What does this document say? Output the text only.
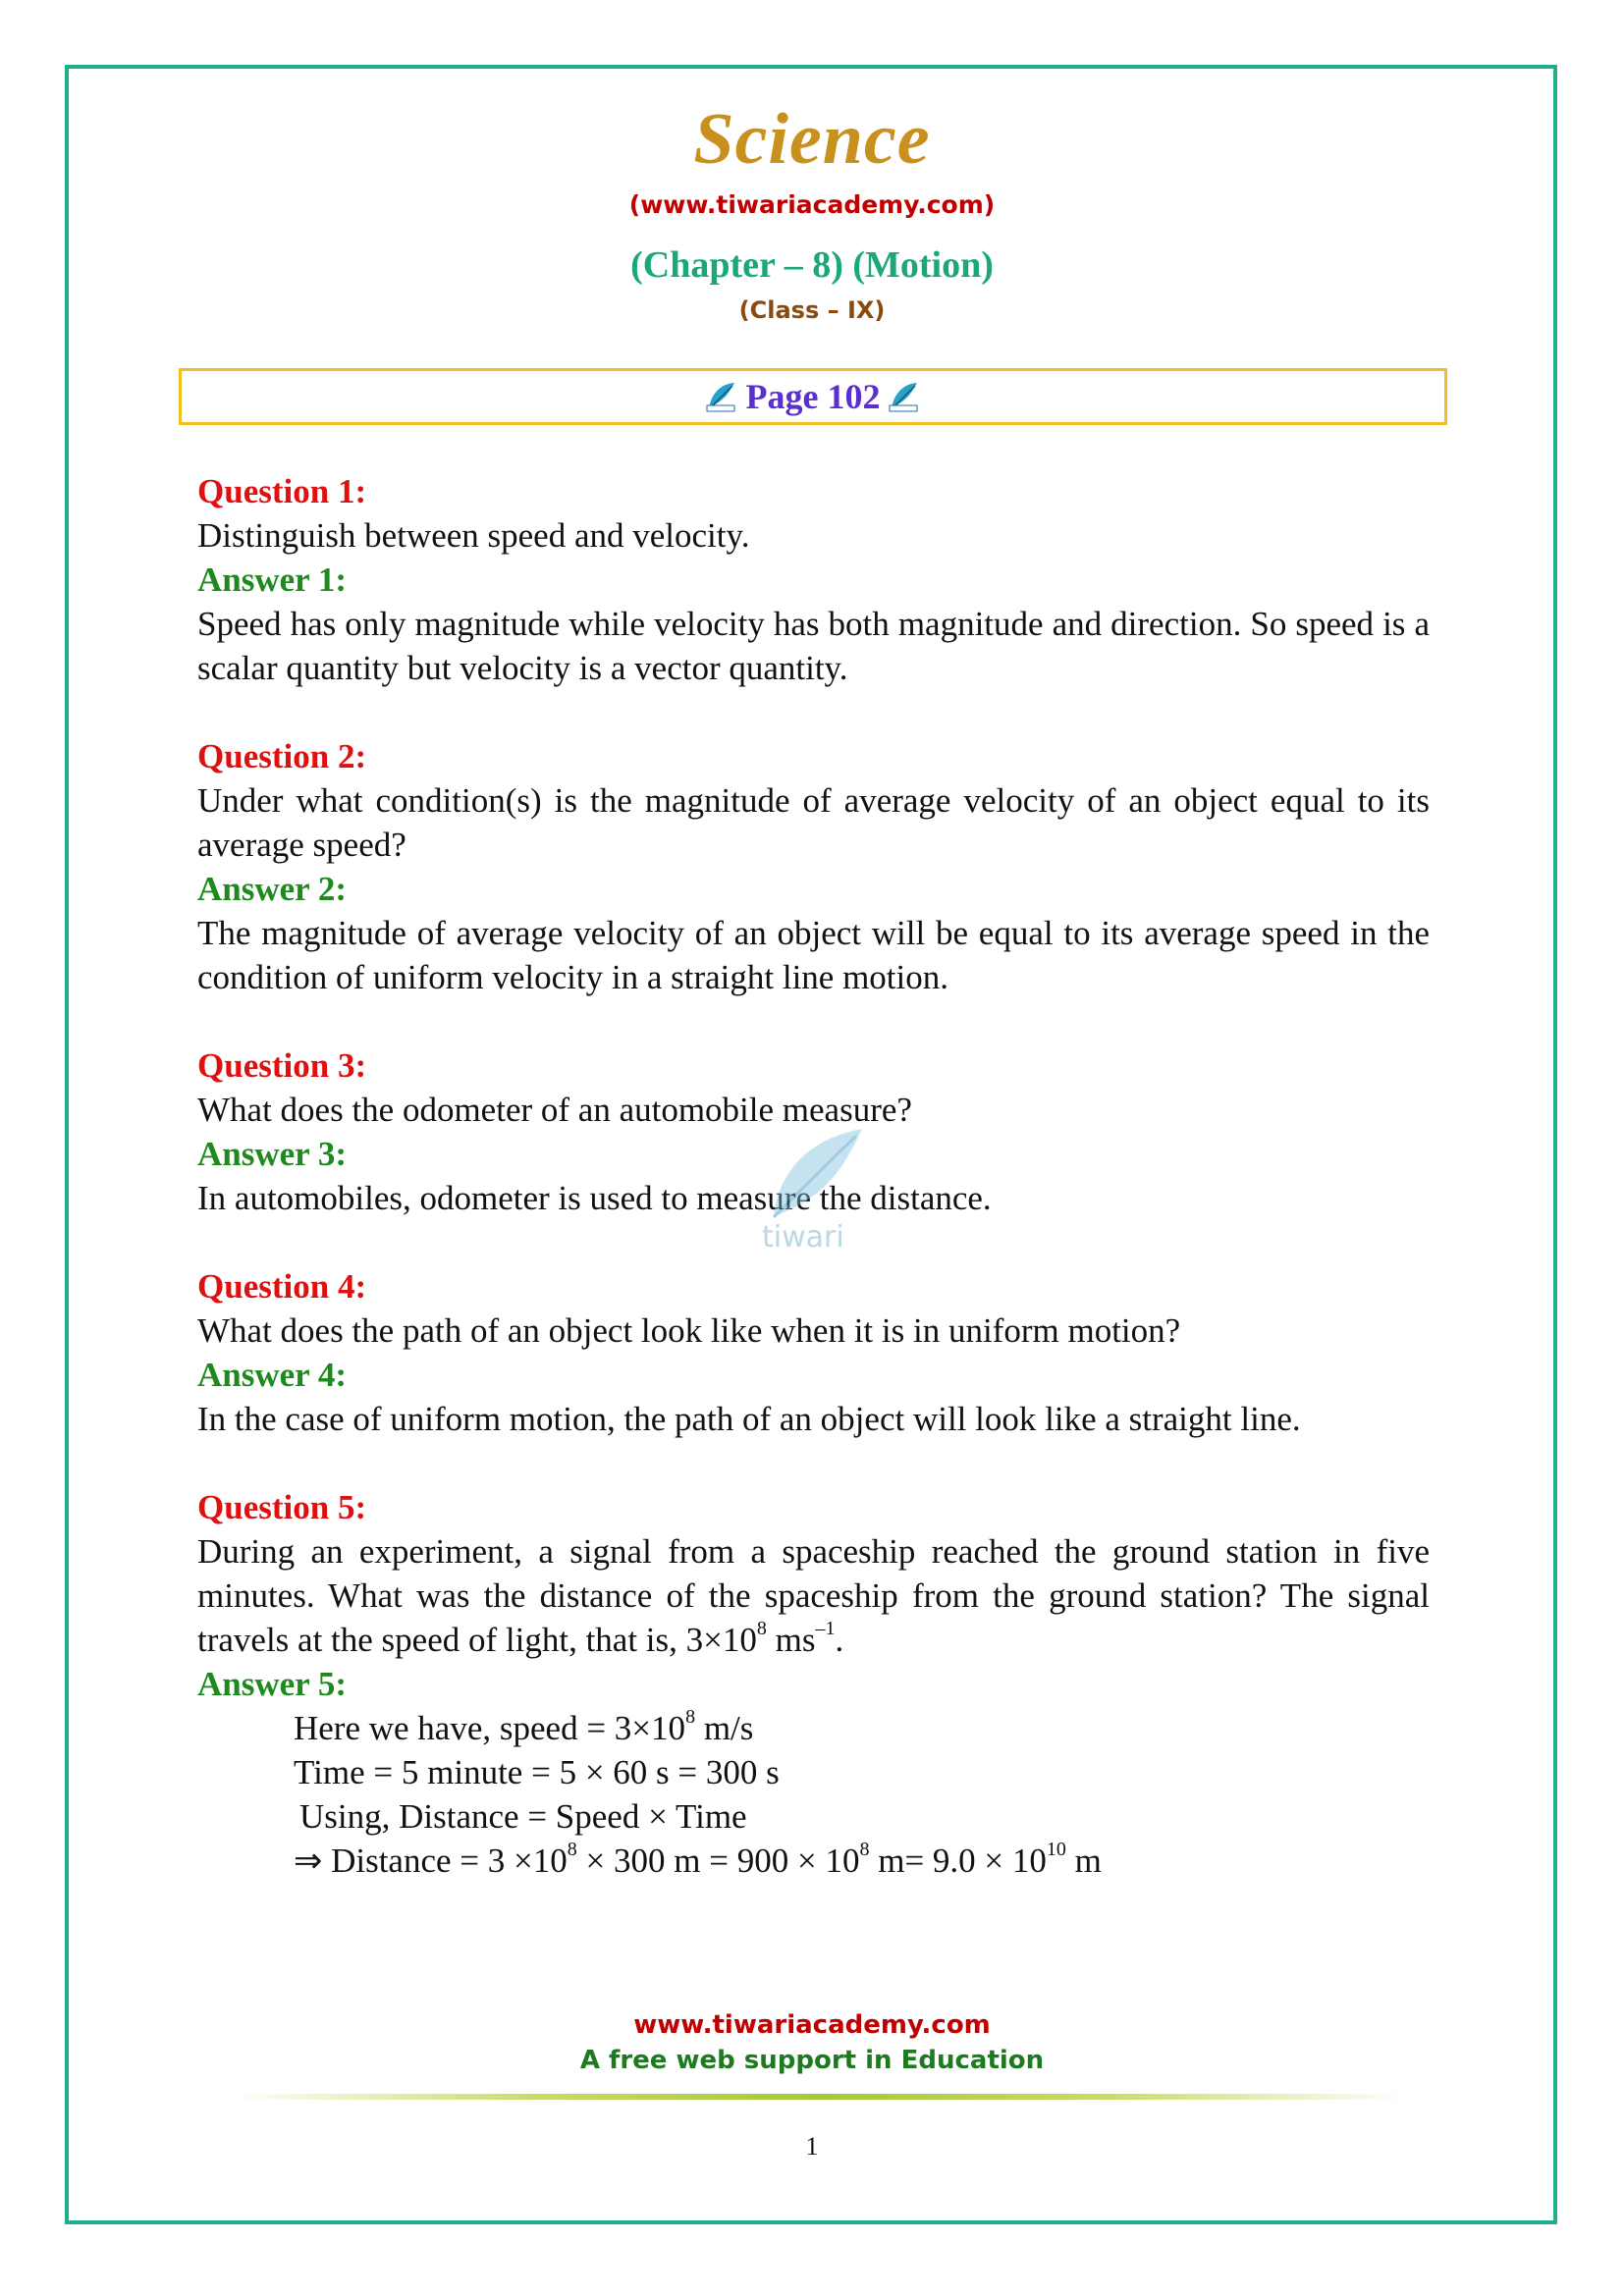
Science
(www.tiwariacademy.com)
(Chapter – 8) (Motion)
(Class – IX)
Page 102
Question 1:
Distinguish between speed and velocity.
Answer 1:
Speed has only magnitude while velocity has both magnitude and direction. So speed is a scalar quantity but velocity is a vector quantity.
Question 2:
Under what condition(s) is the magnitude of average velocity of an object equal to its average speed?
Answer 2:
The magnitude of average velocity of an object will be equal to its average speed in the condition of uniform velocity in a straight line motion.
Question 3:
What does the odometer of an automobile measure?
Answer 3:
In automobiles, odometer is used to measure the distance.
Question 4:
What does the path of an object look like when it is in uniform motion?
Answer 4:
In the case of uniform motion, the path of an object will look like a straight line.
Question 5:
During an experiment, a signal from a spaceship reached the ground station in five minutes. What was the distance of the spaceship from the ground station? The signal travels at the speed of light, that is, $3\times 10^8$ $ms^{-1}$.
Answer 5:
Here we have, speed = $3\times 10^8$ m/s
Time = 5 minute = 5 × 60 s = 300 s
Using, Distance = Speed × Time
⇒ Distance = $3 \times 10^8 \times 300$ $m = 900 \times 10^8$ $m= 9.0 \times 10^{10}$ m
tiwari
www.tiwariacademy.com
A free web support in Education
1
